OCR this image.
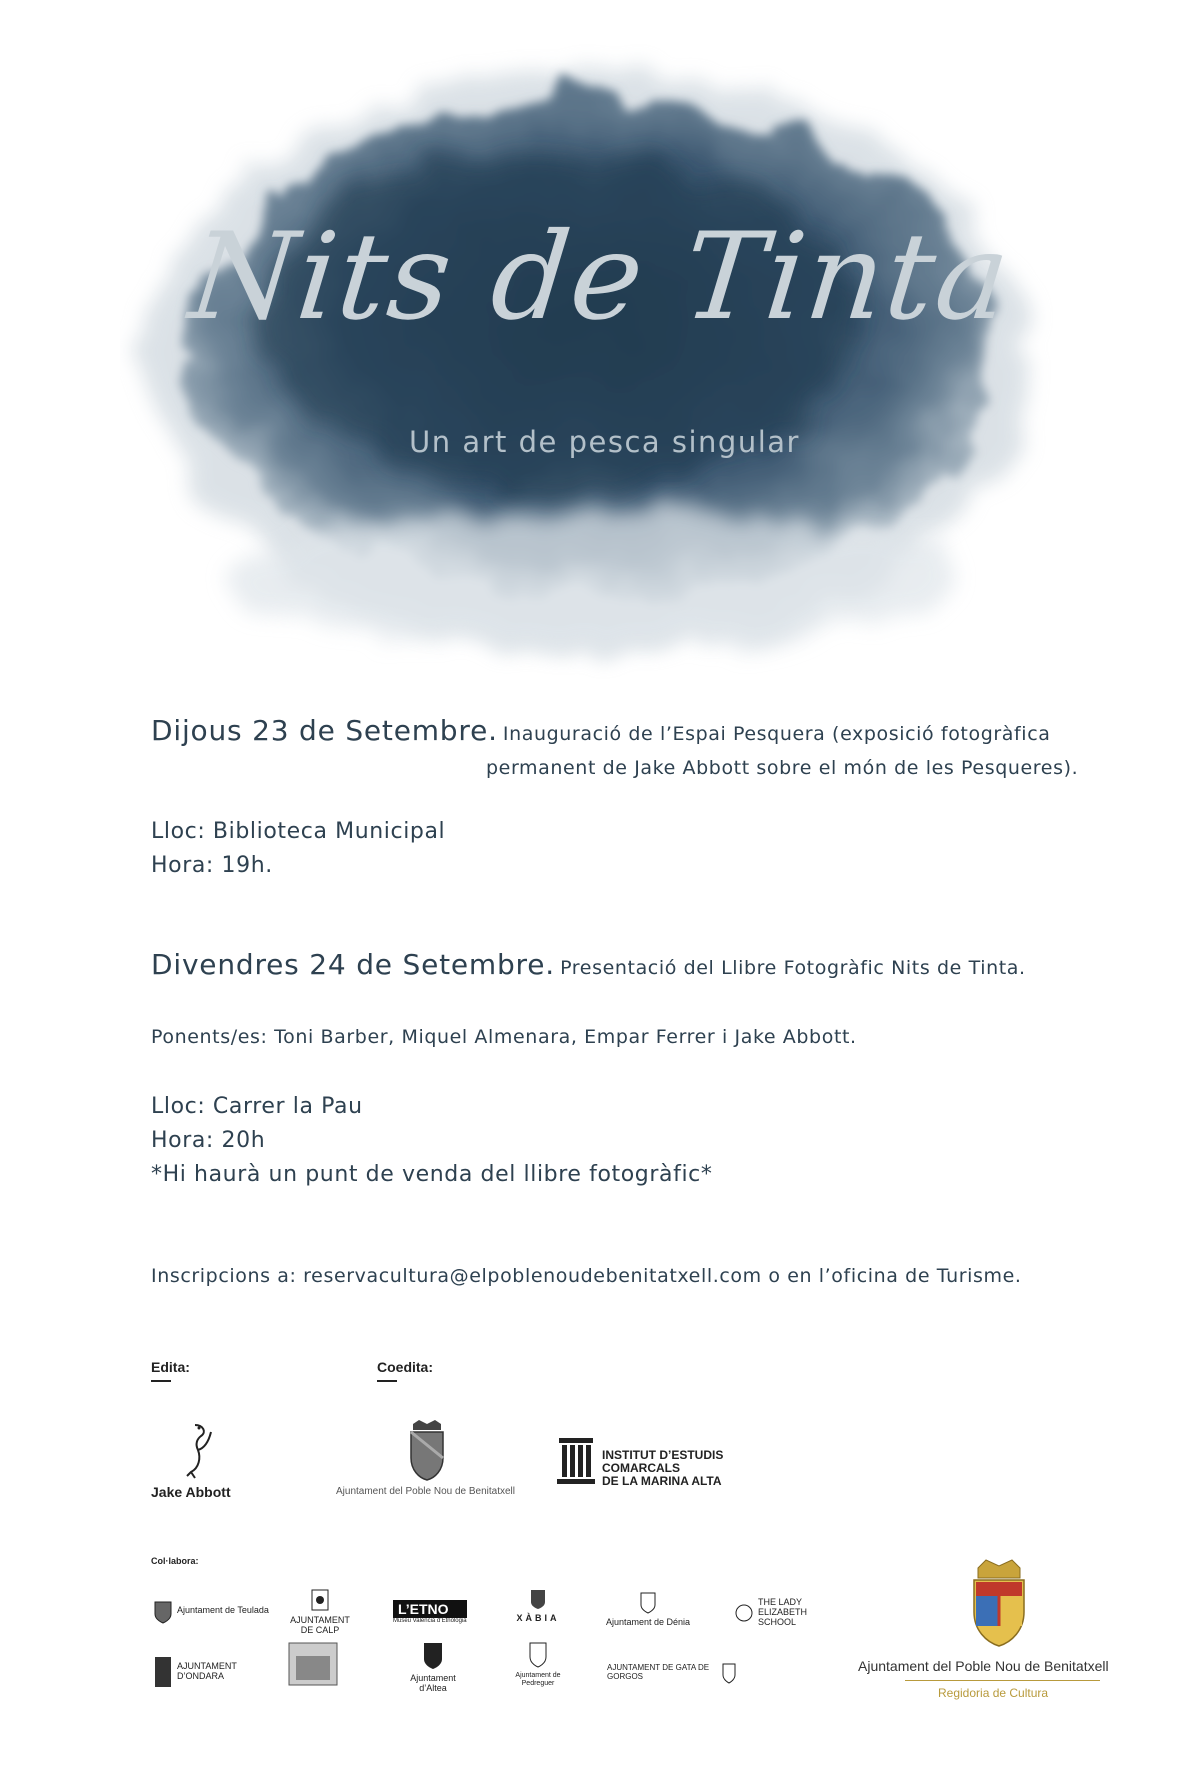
Nits de Tinta
Un art de pesca singular
Dijous 23 de Setembre. Inauguració de l’Espai Pesquera (exposició fotogràfica
permanent de Jake Abbott sobre el món de les Pesqueres).
Lloc: Biblioteca Municipal
Hora: 19h.
Divendres 24 de Setembre. Presentació del Llibre Fotogràfic Nits de Tinta.
Ponents/es: Toni Barber, Miquel Almenara, Empar Ferrer i Jake Abbott.
Lloc: Carrer la Pau
Hora: 20h
*Hi haurà un punt de venda del llibre fotogràfic*
Inscripcions a: reservacultura@elpoblenoudebenitatxell.com o en l’oficina de Turisme.
Edita:	Coedita:
Jake Abbott	Ajuntament del Poble Nou de Benitatxell
INSTITUT D’ESTUDIS
COMARCALS
DE LA MARINA ALTA
Col·labora:
Ajuntament de Teulada
AJUNTAMENT DE CALP
L’ETNO
Museu Valencià d’Etnologia	XÀBIA	Ajuntament de Dénia
THE LADY ELIZABETH SCHOOL
AJUNTAMENT D’ONDARA	Ajuntament d’Altea
Ajuntament de Pedreguer
AJUNTAMENT DE GATA DE GORGOS
Ajuntament del Poble Nou de Benitatxell
Regidoria de Cultura
